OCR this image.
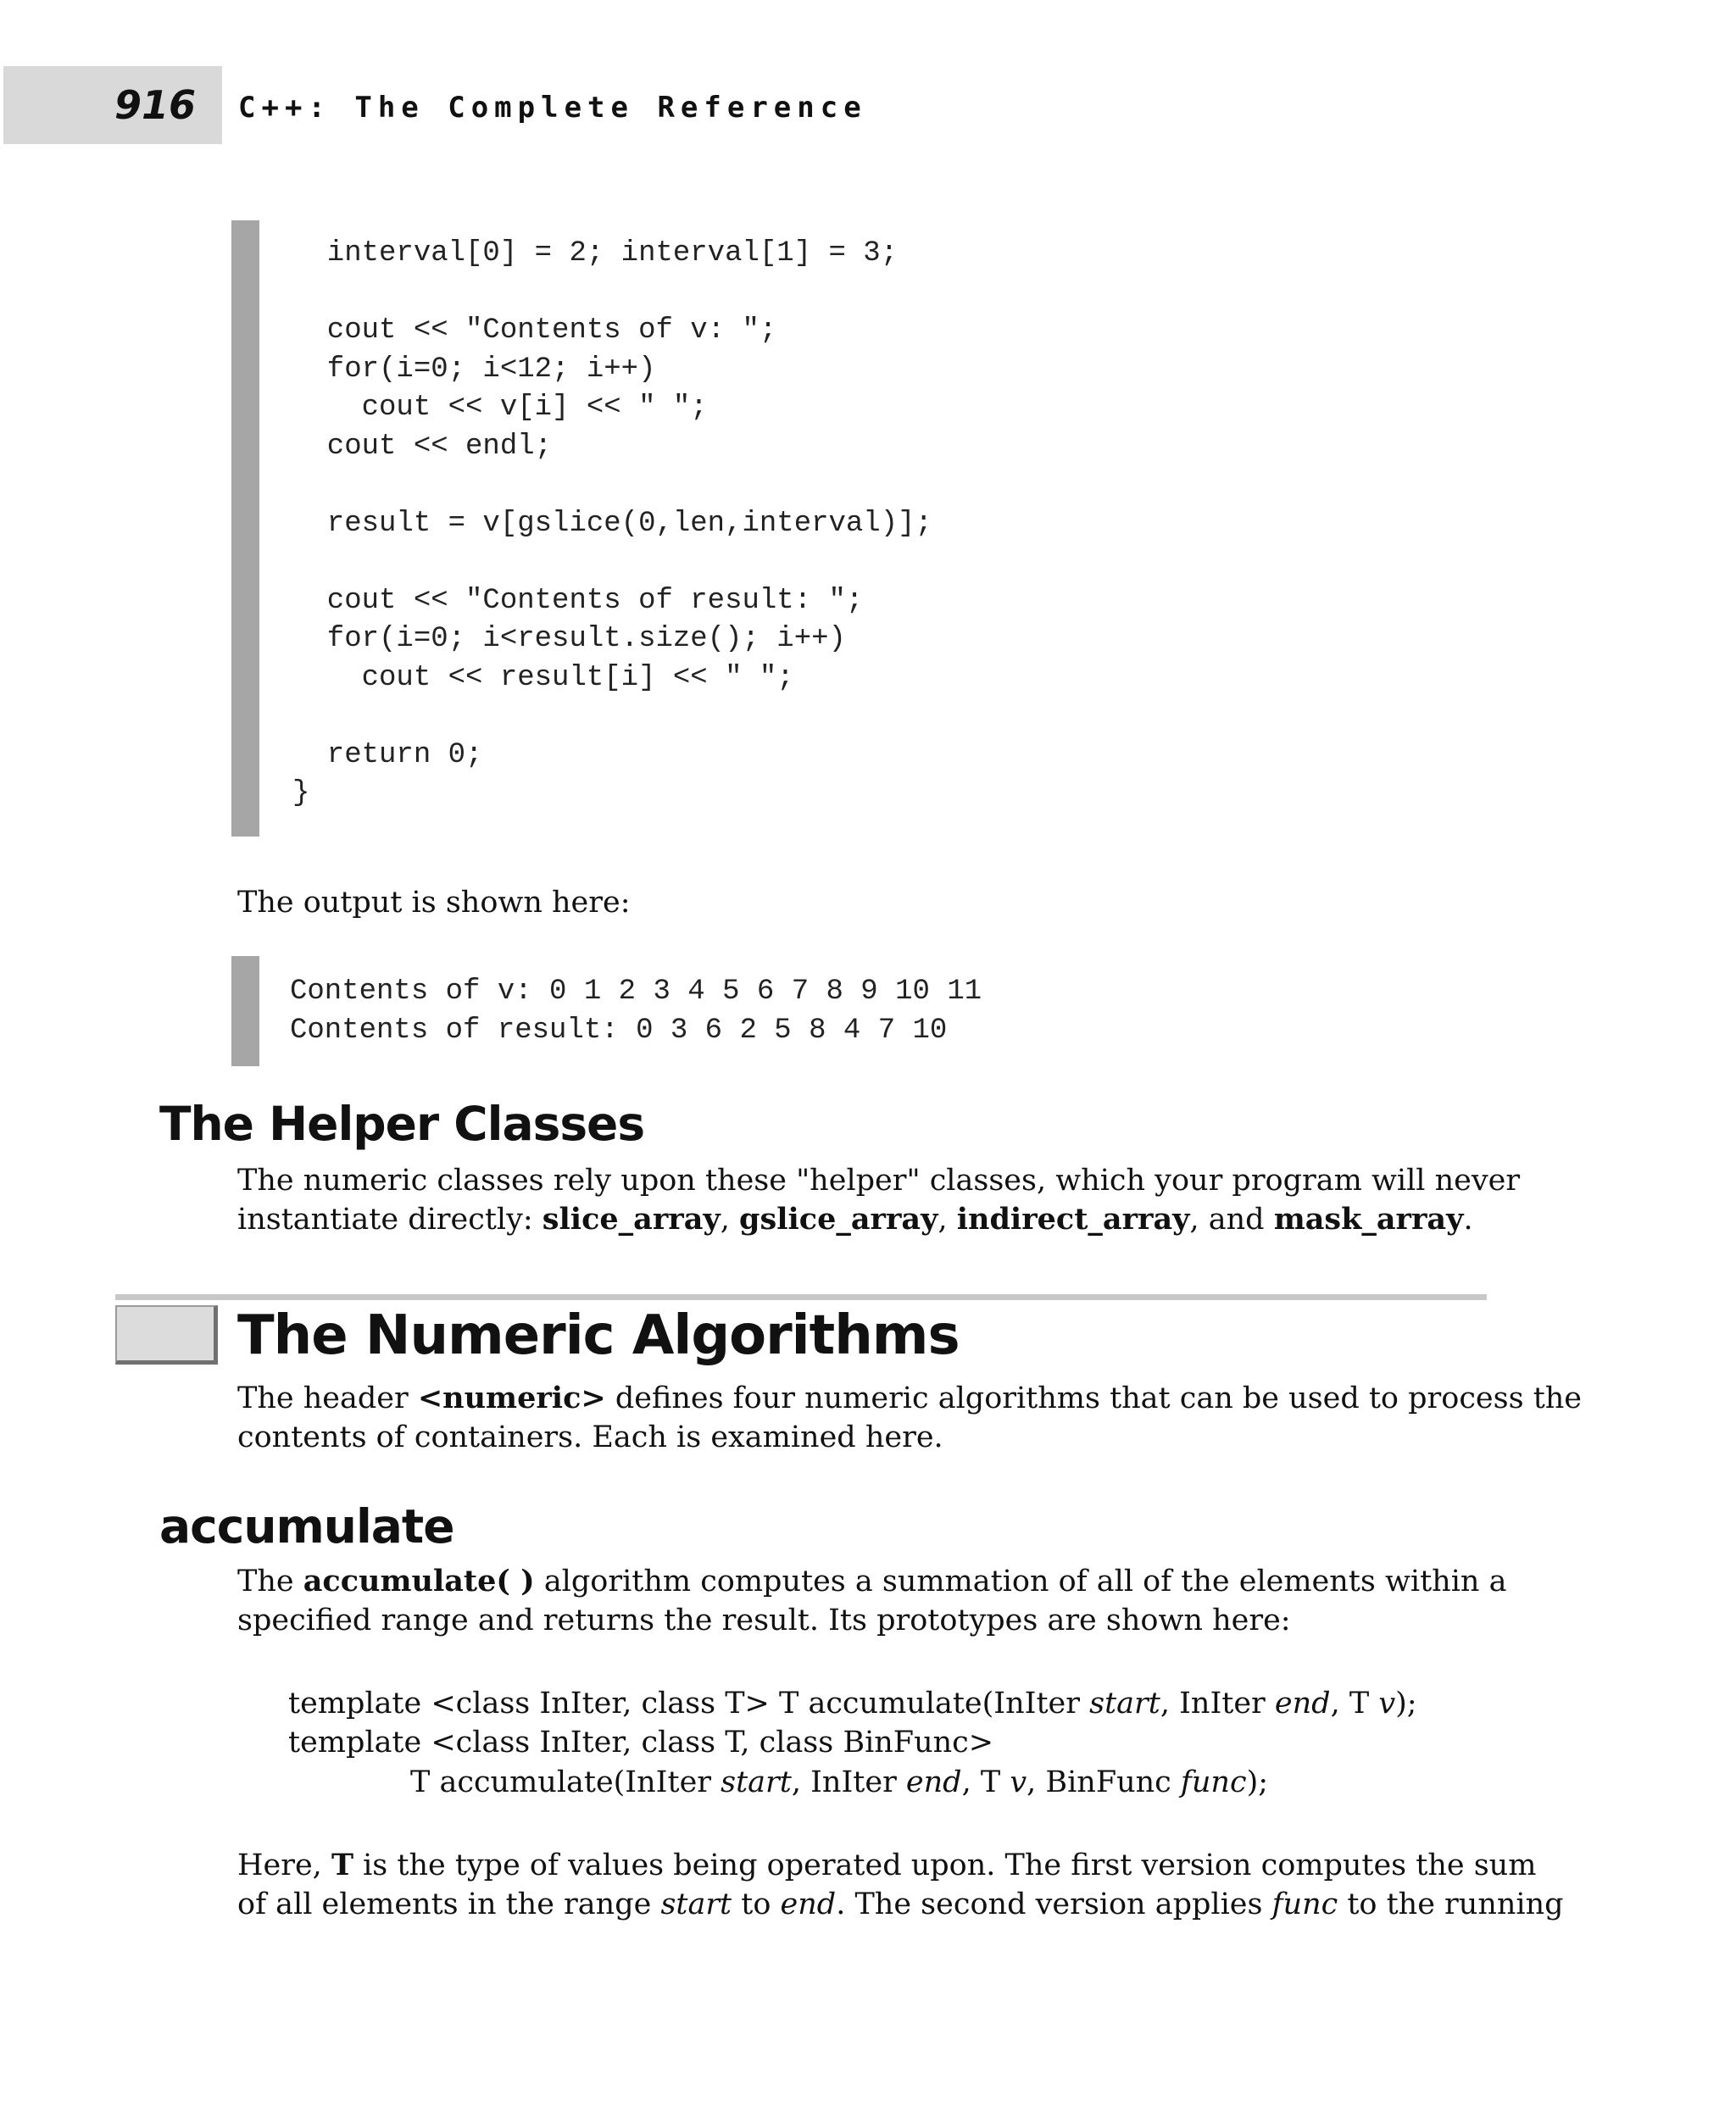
916 C++: The Complete Reference
interval[0] = 2; interval[1] = 3;

cout << "Contents of v: ";
for(i=0; i<12; i++)
cout << v[i] << " ";
cout << endl;

result = v[gslice(0,len,interval)];

cout << "Contents of result: ";
for(i=0; i<result.size(); i++)
cout << result[i] << " ";

return 0;
}

The output is shown here:

Contents of v: 0 1 2 3 4 5 6 7 8 9 10 11
Contents of result: 0 3 6 2 5 8 4 7 10
The Helper Classes

The numeric classes rely upon these "helper" classes, which your program will never

instantiate directly: slice_array, gslice_array, indirect_array, and mask_array.

The Numeric Algorithms

The header <numeric> defines four numeric algorithms that can be used to process the

contents of containers. Each is examined here.

accumulate

The accumulate( ) algorithm computes a summation of all of the elements within a

specified range and returns the result. Its prototypes are shown here:

template <class InIter, class T> T accumulate(InIter start, InIter end, T v);
template <class InIter, class T, class BinFunc>
T accumulate(InIter start, InIter end, T v, BinFunc func);

Here, T is the type of values being operated upon. The first version computes the sum

of all elements in the range start to end. The second version applies func to the running
